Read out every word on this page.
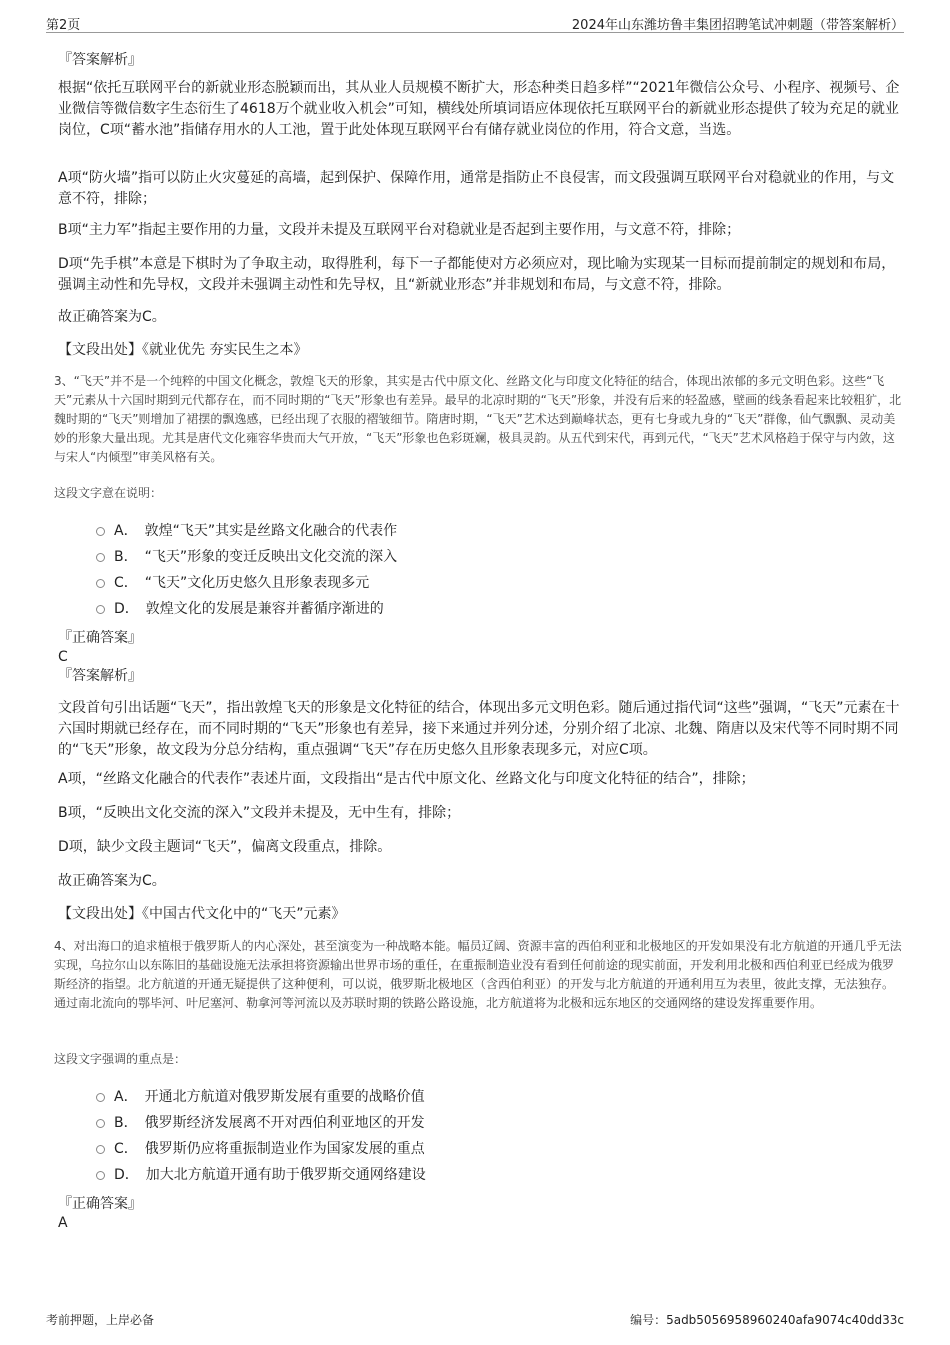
第2页	2024年山东潍坊鲁丰集团招聘笔试冲刺题（带答案解析）
『答案解析』
根据“依托互联网平台的新就业形态脱颖而出，其从业人员规模不断扩大，形态种类日趋多样”“2021年微信公众号、小程序、视频号、企业微信等微信数字生态衍生了4618万个就业收入机会”可知，横线处所填词语应体现依托互联网平台的新就业形态提供了较为充足的就业岗位，C项“蓄水池”指储存用水的人工池，置于此处体现互联网平台有储存就业岗位的作用，符合文意，当选。
A项“防火墙”指可以防止火灾蔓延的高墙，起到保护、保障作用，通常是指防止不良侵害，而文段强调互联网平台对稳就业的作用，与文意不符，排除；
B项“主力军”指起主要作用的力量，文段并未提及互联网平台对稳就业是否起到主要作用，与文意不符，排除；
D项“先手棋”本意是下棋时为了争取主动，取得胜利，每下一子都能使对方必须应对，现比喻为实现某一目标而提前制定的规划和布局，强调主动性和先导权，文段并未强调主动性和先导权，且“新就业形态”并非规划和布局，与文意不符，排除。
故正确答案为C。
【文段出处】《就业优先 夯实民生之本》
3、“飞天”并不是一个纯粹的中国文化概念，敦煌飞天的形象，其实是古代中原文化、丝路文化与印度文化特征的结合，体现出浓郁的多元文明色彩。这些“飞天”元素从十六国时期到元代都存在，而不同时期的“飞天”形象也有差异。最早的北凉时期的“飞天”形象，并没有后来的轻盈感，壁画的线条看起来比较粗犷，北魏时期的“飞天”则增加了裙摆的飘逸感，已经出现了衣服的褶皱细节。隋唐时期，“飞天”艺术达到巅峰状态，更有七身或九身的“飞天”群像，仙气飘飘、灵动美妙的形象大量出现。尤其是唐代文化雍容华贵而大气开放，“飞天”形象也色彩斑斓，极具灵韵。从五代到宋代，再到元代，“飞天”艺术风格趋于保守与内敛，这与宋人“内倾型”审美风格有关。
这段文字意在说明：
A．　敦煌“飞天”其实是丝路文化融合的代表作
B．　“飞天”形象的变迁反映出文化交流的深入
C．　“飞天”文化历史悠久且形象表现多元
D．　敦煌文化的发展是兼容并蓄循序渐进的
『正确答案』
C
『答案解析』
文段首句引出话题“飞天”，指出敦煌飞天的形象是文化特征的结合，体现出多元文明色彩。随后通过指代词“这些”强调，“飞天”元素在十六国时期就已经存在，而不同时期的“飞天”形象也有差异，接下来通过并列分述，分别介绍了北凉、北魏、隋唐以及宋代等不同时期不同的“飞天”形象，故文段为分总分结构，重点强调“飞天”存在历史悠久且形象表现多元，对应C项。
A项，“丝路文化融合的代表作”表述片面，文段指出“是古代中原文化、丝路文化与印度文化特征的结合”，排除；
B项，“反映出文化交流的深入”文段并未提及，无中生有，排除；
D项，缺少文段主题词“飞天”，偏离文段重点，排除。
故正确答案为C。
【文段出处】《中国古代文化中的“飞天”元素》
4、对出海口的追求植根于俄罗斯人的内心深处，甚至演变为一种战略本能。幅员辽阔、资源丰富的西伯利亚和北极地区的开发如果没有北方航道的开通几乎无法实现，乌拉尔山以东陈旧的基础设施无法承担将资源输出世界市场的重任，在重振制造业没有看到任何前途的现实前面，开发利用北极和西伯利亚已经成为俄罗斯经济的指望。北方航道的开通无疑提供了这种便利，可以说，俄罗斯北极地区（含西伯利亚）的开发与北方航道的开通利用互为表里，彼此支撑，无法独存。通过南北流向的鄂毕河、叶尼塞河、勒拿河等河流以及苏联时期的铁路公路设施，北方航道将为北极和远东地区的交通网络的建设发挥重要作用。
这段文字强调的重点是：
A．　开通北方航道对俄罗斯发展有重要的战略价值
B．　俄罗斯经济发展离不开对西伯利亚地区的开发
C．　俄罗斯仍应将重振制造业作为国家发展的重点
D．　加大北方航道开通有助于俄罗斯交通网络建设
『正确答案』
A
考前押题，上岸必备	编号：5adb5056958960240afa9074c40dd33c
